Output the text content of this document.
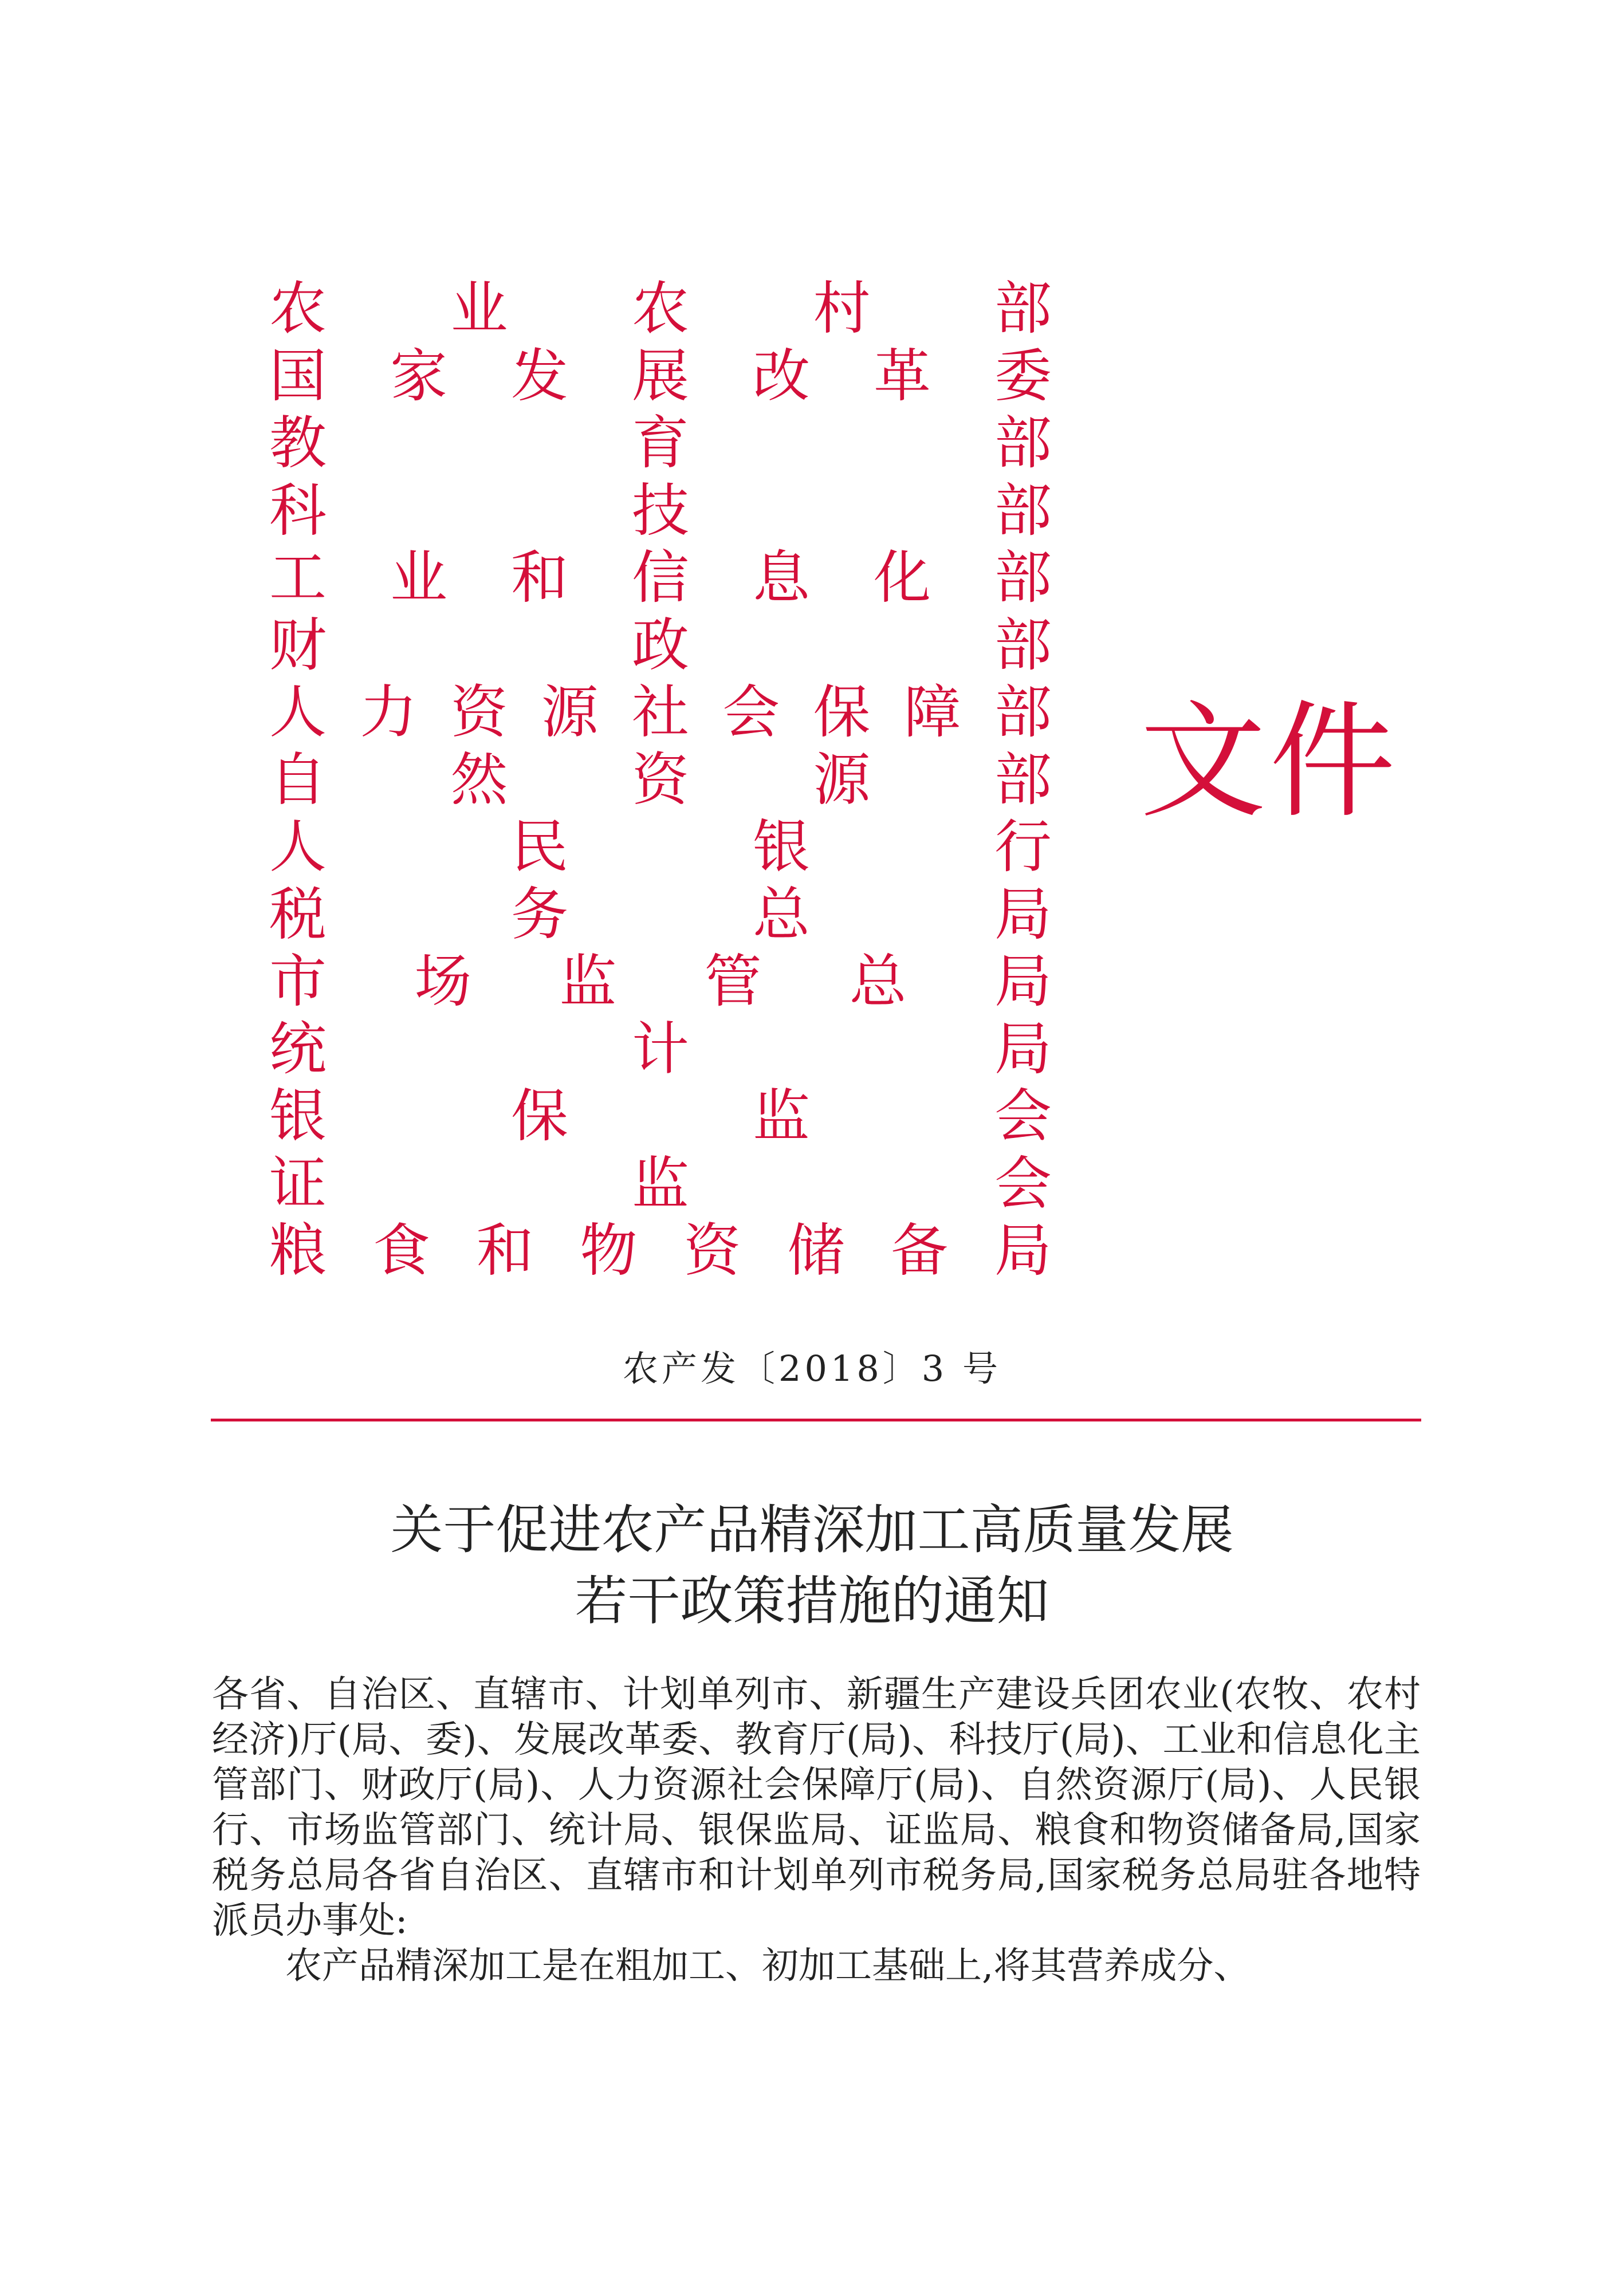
农 业 农 村 部
国 家 发 展 改 革 委
教	育	部
科	技	部
工 业 和 信 息 化 部
财	政	部
人 力 资 源 社 会 保 障 部
自 然 资 源 部
人	民	银	行
税	务	总	局
市 场 监 管 总 局
统	计	局
银	保	监	会
证	监	会
粮 食 和 物 资 储 备 局
文件
农产发〔2018〕3 号
关于促进农产品精深加工高质量发展
若干政策措施的通知

各省、自治区、直辖市、计划单列市、新疆生产建设兵团农业(农牧、农村经济)厅(局、委)、发展改革委、教育厅(局)、科技厅(局)、工业和信息化主管部门、财政厅(局)、人力资源社会保障厅(局)、自然资源厅(局)、人民银行、市场监管部门、统计局、银保监局、证监局、粮食和物资储备局,国家税务总局各省自治区、直辖市和计划单列市税务局,国家税务总局驻各地特派员办事处:

农产品精深加工是在粗加工、初加工基础上,将其营养成分、
